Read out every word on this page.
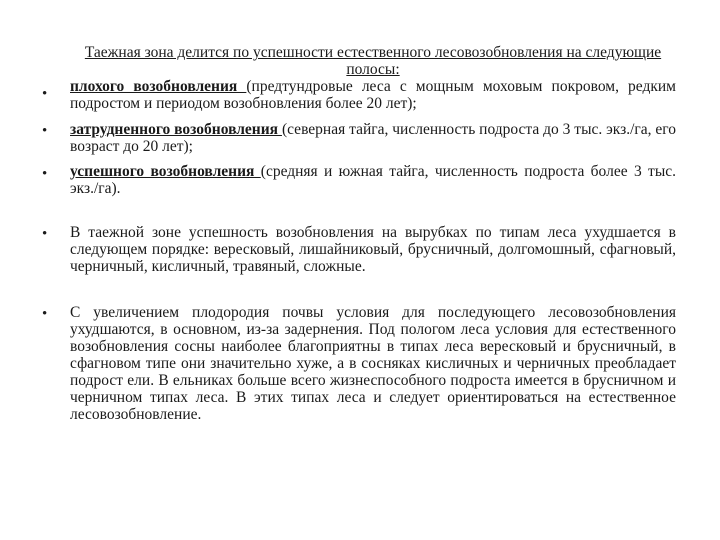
Таежная зона делится по успешности естественного лесовозобновления на следующие полосы:
•	плохого возобновления (предтундровые леса с мощным моховым покровом, редким подростом и периодом возобновления более 20 лет);
•	затрудненного возобновления (северная тайга, численность подроста до 3 тыс. экз./га, его возраст до 20 лет);
•	успешного возобновления (средняя и южная тайга, численность подроста более 3 тыс. экз./га).
•	В таежной зоне успешность возобновления на вырубках по типам леса ухудшается в следующем порядке: вересковый, лишайниковый, брусничный, долгомошный, сфагновый, черничный, кисличный, травяный, сложные.
•	С увеличением плодородия почвы условия для последующего лесовозобновления ухудшаются, в основном, из-за задернения. Под пологом леса условия для естественного возобновления сосны наиболее благоприятны в типах леса вересковый и брусничный, в сфагновом типе они значительно хуже, а в сосняках кисличных и черничных преобладает подрост ели. В ельниках больше всего жизнеспособного подроста имеется в брусничном и черничном типах леса. В этих типах леса и следует ориентироваться на естественное лесовозобновление.
